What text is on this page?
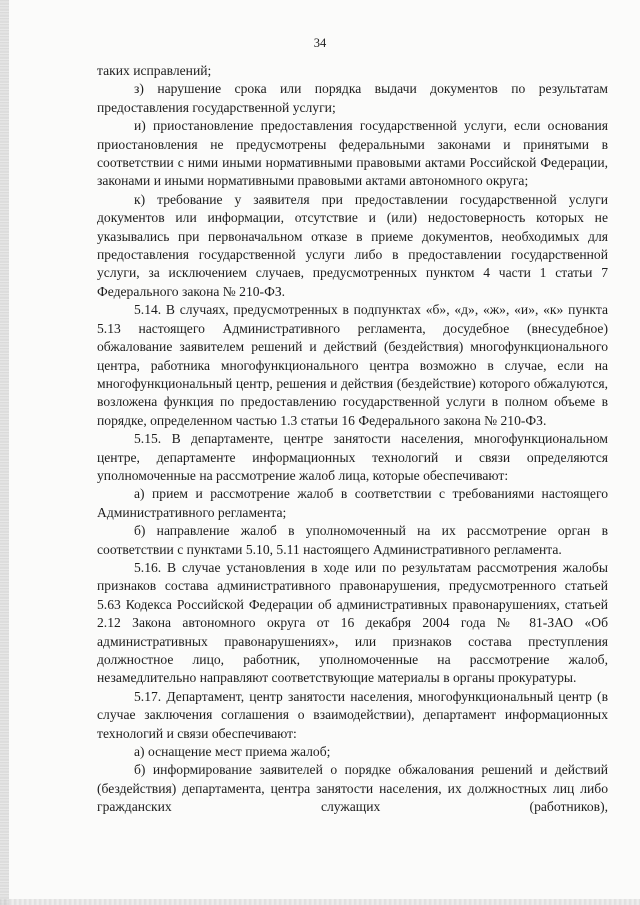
34

таких исправлений;

з) нарушение срока или порядка выдачи документов по результатам предоставления государственной услуги;

и) приостановление предоставления государственной услуги, если основания приостановления не предусмотрены федеральными законами и принятыми в соответствии с ними иными нормативными правовыми актами Российской Федерации, законами и иными нормативными правовыми актами автономного округа;

к) требование у заявителя при предоставлении государственной услуги документов или информации, отсутствие и (или) недостоверность которых не указывались при первоначальном отказе в приеме документов, необходимых для предоставления государственной услуги либо в предоставлении государственной услуги, за исключением случаев, предусмотренных пунктом 4 части 1 статьи 7 Федерального закона № 210-ФЗ.

5.14. В случаях, предусмотренных в подпунктах «б», «д», «ж», «и», «к» пункта 5.13 настоящего Административного регламента, досудебное (внесудебное) обжалование заявителем решений и действий (бездействия) многофункционального центра, работника многофункционального центра возможно в случае, если на многофункциональный центр, решения и действия (бездействие) которого обжалуются, возложена функция по предоставлению государственной услуги в полном объеме в порядке, определенном частью 1.3 статьи 16 Федерального закона № 210-ФЗ.

5.15. В департаменте, центре занятости населения, многофункциональном центре, департаменте информационных технологий и связи определяются уполномоченные на рассмотрение жалоб лица, которые обеспечивают:

а) прием и рассмотрение жалоб в соответствии с требованиями настоящего Административного регламента;

б) направление жалоб в уполномоченный на их рассмотрение орган в соответствии с пунктами 5.10, 5.11 настоящего Административного регламента.

5.16. В случае установления в ходе или по результатам рассмотрения жалобы признаков состава административного правонарушения, предусмотренного статьей 5.63 Кодекса Российской Федерации об административных правонарушениях, статьей 2.12 Закона автономного округа от 16 декабря 2004 года № 81-ЗАО «Об административных правонарушениях», или признаков состава преступления должностное лицо, работник, уполномоченные на рассмотрение жалоб, незамедлительно направляют соответствующие материалы в органы прокуратуры.

5.17. Департамент, центр занятости населения, многофункциональный центр (в случае заключения соглашения о взаимодействии), департамент информационных технологий и связи обеспечивают:

а) оснащение мест приема жалоб;

б) информирование заявителей о порядке обжалования решений и действий (бездействия) департамента, центра занятости населения, их должностных лиц либо гражданских служащих (работников),
